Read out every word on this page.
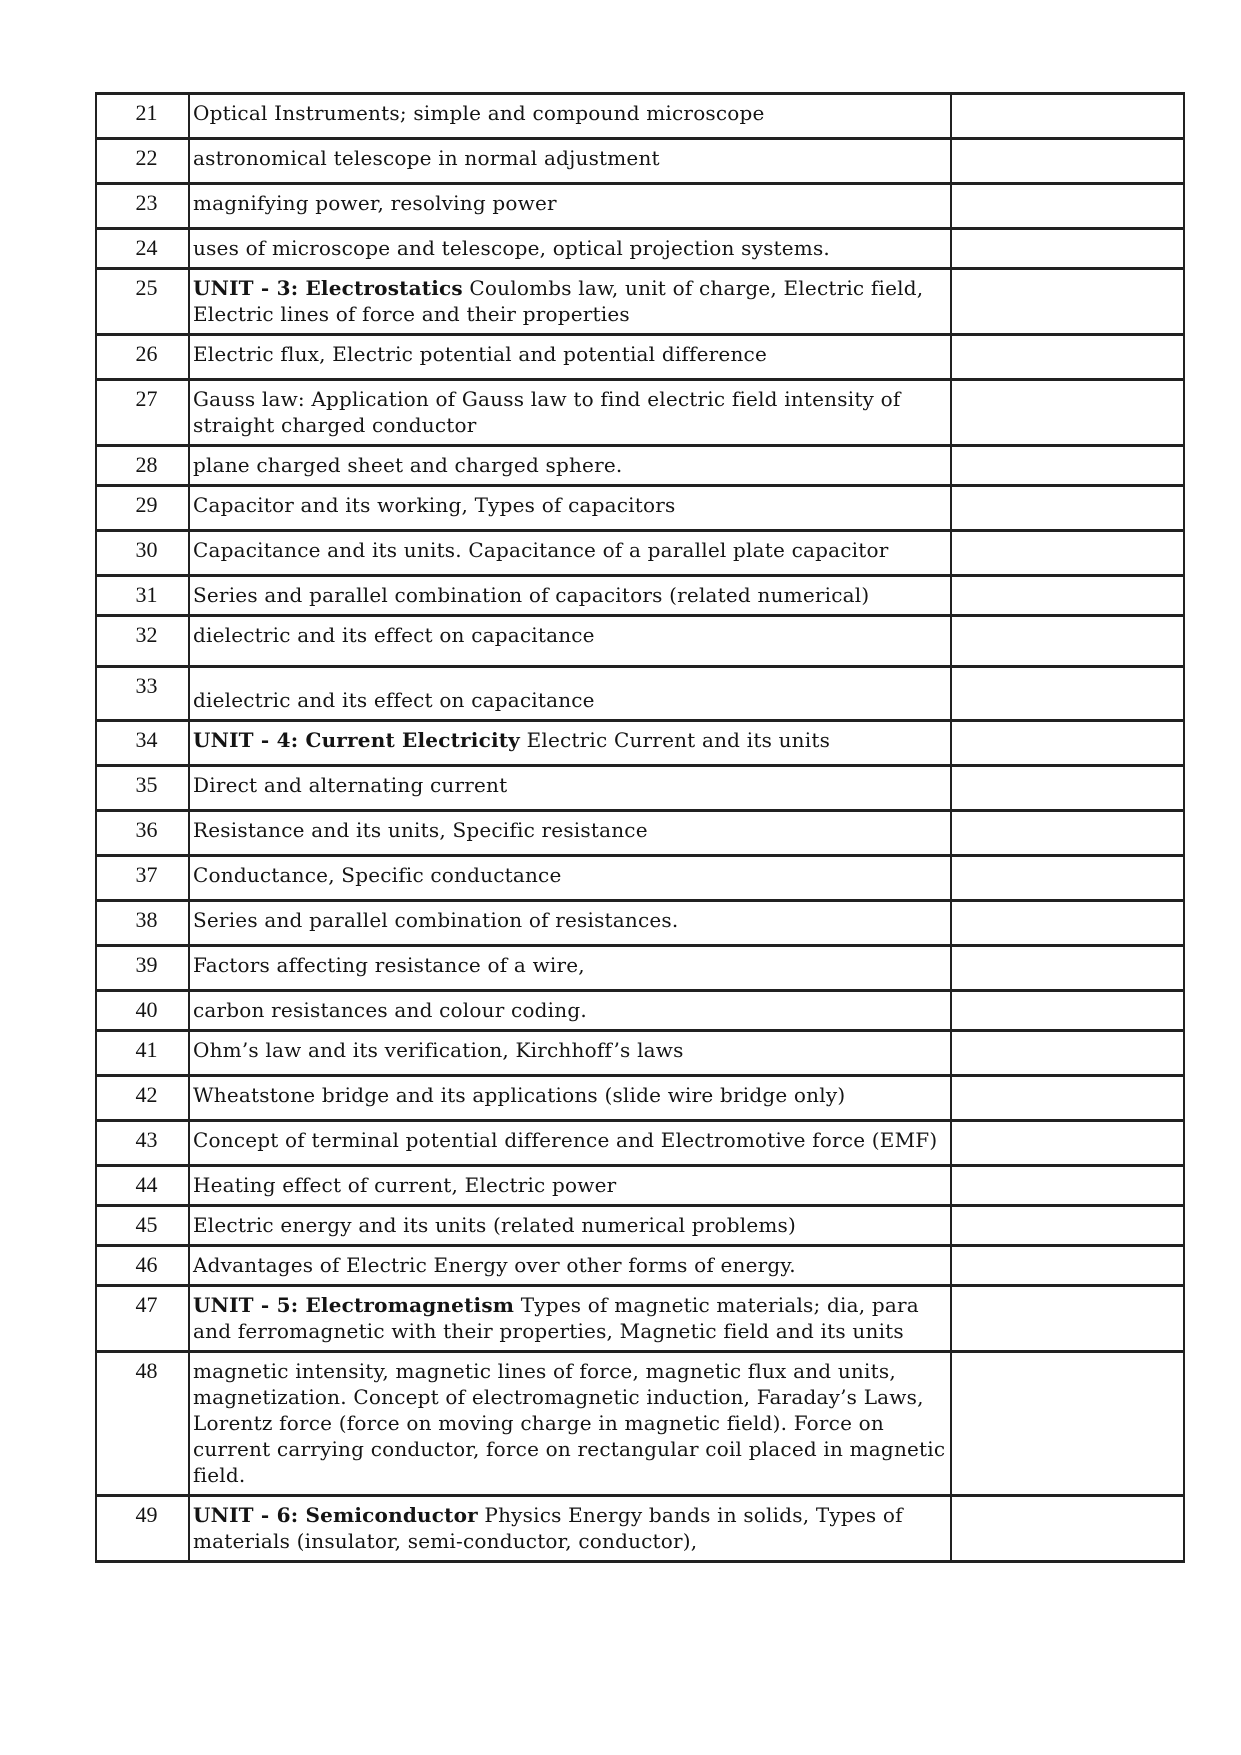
21	Optical Instruments; simple and compound microscope	
22	astronomical telescope in normal adjustment	
23	magnifying power, resolving power	
24	uses of microscope and telescope, optical projection systems.	
25	UNIT - 3: Electrostatics Coulombs law, unit of charge, Electric field, Electric lines of force and their properties	
26	Electric flux, Electric potential and potential difference	
27	Gauss law: Application of Gauss law to find electric field intensity of straight charged conductor	
28	plane charged sheet and charged sphere.	
29	Capacitor and its working, Types of capacitors	
30	Capacitance and its units. Capacitance of a parallel plate capacitor	
31	Series and parallel combination of capacitors (related numerical)	
32	dielectric and its effect on capacitance	
33	dielectric and its effect on capacitance	
34	UNIT - 4: Current Electricity Electric Current and its units	
35	Direct and alternating current	
36	Resistance and its units, Specific resistance	
37	Conductance, Specific conductance	
38	Series and parallel combination of resistances.	
39	Factors affecting resistance of a wire,	
40	carbon resistances and colour coding.	
41	Ohm’s law and its verification, Kirchhoff’s laws	
42	Wheatstone bridge and its applications (slide wire bridge only)	
43	Concept of terminal potential difference and Electromotive force (EMF)	
44	Heating effect of current, Electric power	
45	Electric energy and its units (related numerical problems)	
46	Advantages of Electric Energy over other forms of energy.	
47	UNIT - 5: Electromagnetism Types of magnetic materials; dia, para and ferromagnetic with their properties, Magnetic field and its units	
48	magnetic intensity, magnetic lines of force, magnetic flux and units, magnetization. Concept of electromagnetic induction, Faraday’s Laws, Lorentz force (force on moving charge in magnetic field). Force on current carrying conductor, force on rectangular coil placed in magnetic field.	
49	UNIT - 6: Semiconductor Physics Energy bands in solids, Types of materials (insulator, semi-conductor, conductor),	
